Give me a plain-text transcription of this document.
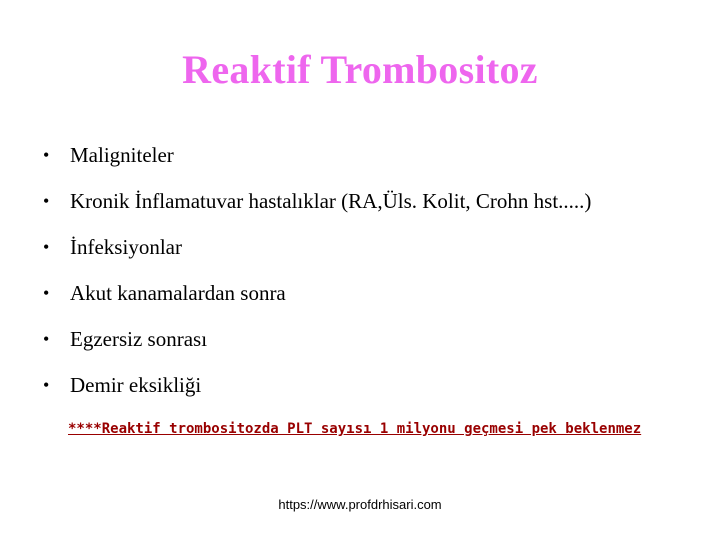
Reaktif Trombositoz
• Maligniteler
• Kronik İnflamatuvar hastalıklar (RA,Üls. Kolit, Crohn hst.....)
• İnfeksiyonlar
• Akut kanamalardan sonra
• Egzersiz sonrası
• Demir eksikliği
****Reaktif trombositozda PLT sayısı 1 milyonu geçmesi pek beklenmez
https://www.profdrhisari.com
